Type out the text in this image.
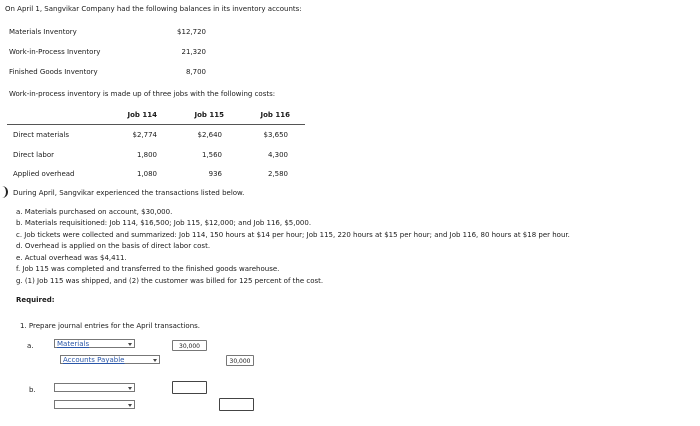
On April 1, Sangvikar Company had the following balances in its inventory accounts:
Materials Inventory	$12,720
Work-in-Process Inventory	21,320
Finished Goods Inventory	8,700
Work-in-process inventory is made up of three jobs with the following costs:
Job 114	Job 115	Job 116
Direct materials	$2,774	$2,640	$3,650
Direct labor	1,800	1,560	4,300
Applied overhead	1,080	936	2,580
During April, Sangvikar experienced the transactions listed below.
a. Materials purchased on account, $30,000.
b. Materials requisitioned: Job 114, $16,500; Job 115, $12,000; and Job 116, $5,000.
c. Job tickets were collected and summarized: Job 114, 150 hours at $14 per hour; Job 115, 220 hours at $15 per hour; and Job 116, 80 hours at $18 per hour.
d. Overhead is applied on the basis of direct labor cost.
e. Actual overhead was $4,411.
f. Job 115 was completed and transferred to the finished goods warehouse.
g. (1) Job 115 was shipped, and (2) the customer was billed for 125 percent of the cost.
Required:
1. Prepare journal entries for the April transactions.
a.	Materials	30,000
Accounts Payable	30,000
b.
